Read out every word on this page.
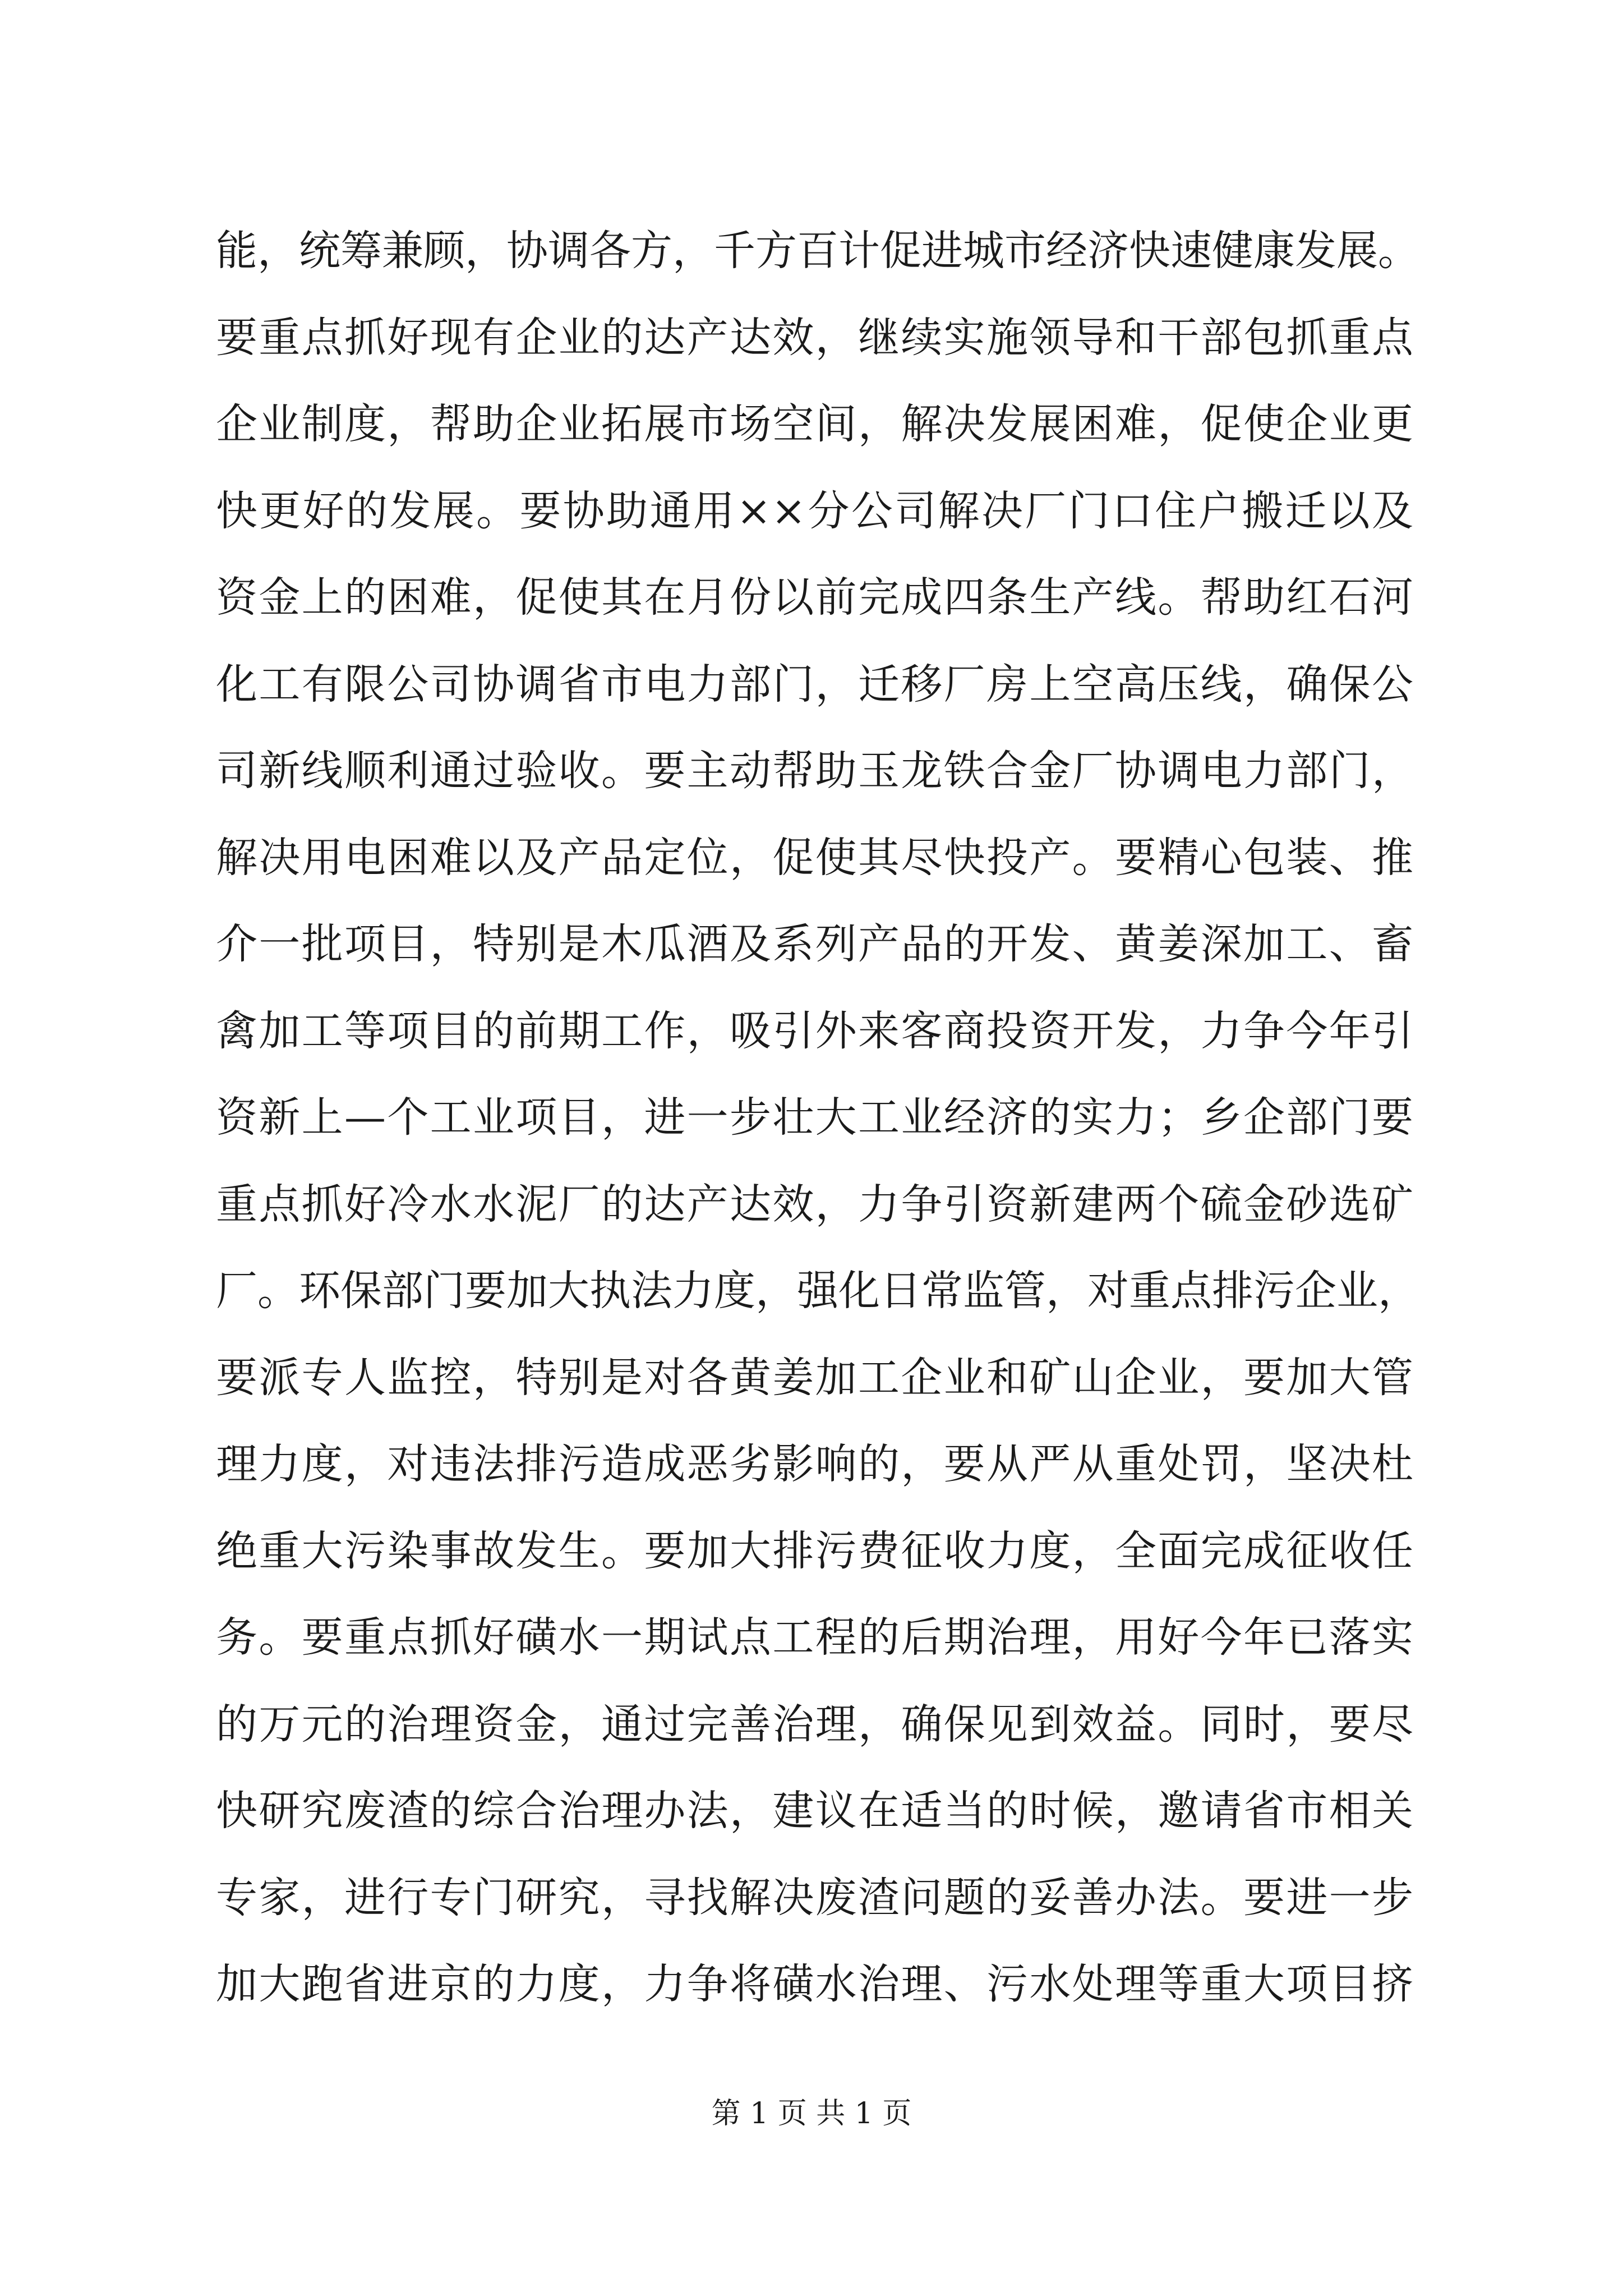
能，统筹兼顾，协调各方，千方百计促进城市经济快速健康发展。
要重点抓好现有企业的达产达效，继续实施领导和干部包抓重点
企业制度，帮助企业拓展市场空间，解决发展困难，促使企业更
快更好的发展。要协助通用××分公司解决厂门口住户搬迁以及
资金上的困难，促使其在月份以前完成四条生产线。帮助红石河
化工有限公司协调省市电力部门，迁移厂房上空高压线，确保公
司新线顺利通过验收。要主动帮助玉龙铁合金厂协调电力部门，
解决用电困难以及产品定位，促使其尽快投产。要精心包装、推
介一批项目，特别是木瓜酒及系列产品的开发、黄姜深加工、畜
禽加工等项目的前期工作，吸引外来客商投资开发，力争今年引
资新上—个工业项目，进一步壮大工业经济的实力；乡企部门要
重点抓好冷水水泥厂的达产达效，力争引资新建两个硫金砂选矿
厂。环保部门要加大执法力度，强化日常监管，对重点排污企业，
要派专人监控，特别是对各黄姜加工企业和矿山企业，要加大管
理力度，对违法排污造成恶劣影响的，要从严从重处罚，坚决杜
绝重大污染事故发生。要加大排污费征收力度，全面完成征收任
务。要重点抓好磺水一期试点工程的后期治理，用好今年已落实
的万元的治理资金，通过完善治理，确保见到效益。同时，要尽
快研究废渣的综合治理办法，建议在适当的时候，邀请省市相关
专家，进行专门研究，寻找解决废渣问题的妥善办法。要进一步
加大跑省进京的力度，力争将磺水治理、污水处理等重大项目挤
第 1 页 共 1 页
